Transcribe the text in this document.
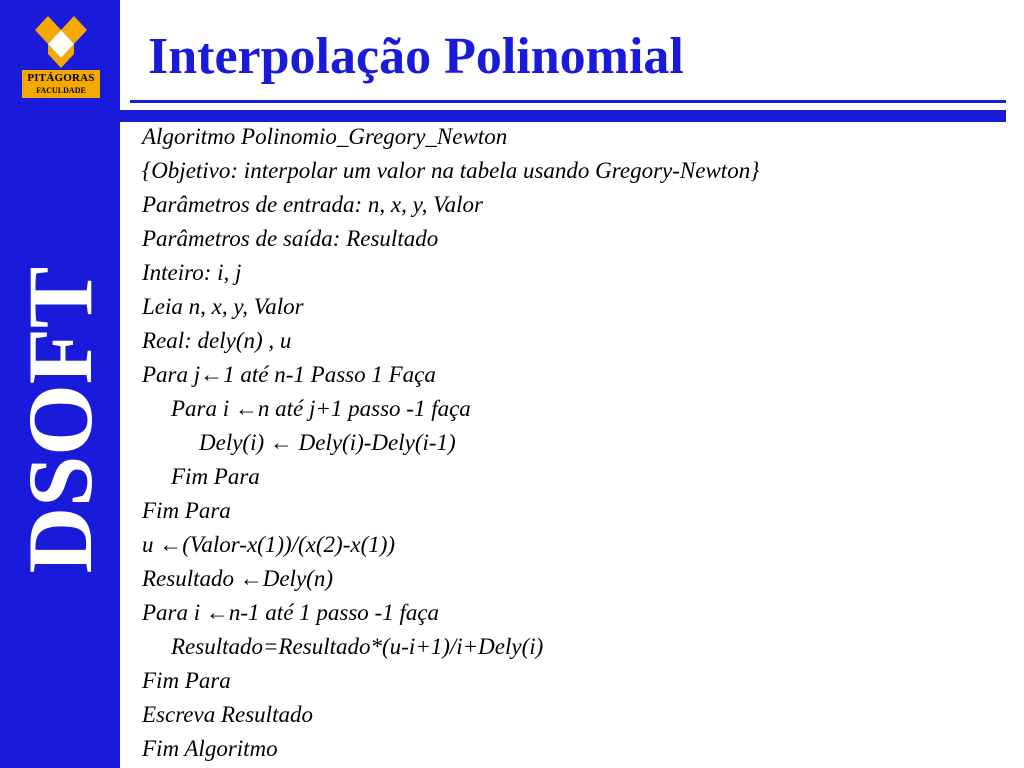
PITÁGORAS
FACULDADE
DSOFT
Interpolação Polinomial
Algoritmo Polinomio_Gregory_Newton
{Objetivo: interpolar um valor na tabela usando Gregory-Newton}
Parâmetros de entrada: n, x, y, Valor
Parâmetros de saída: Resultado
Inteiro: i, j
Leia n, x, y, Valor
Real: dely(n) , u
Para j←1 até n-1 Passo 1 Faça
Para i ←n até j+1 passo -1 faça
Dely(i) ← Dely(i)-Dely(i-1)
Fim Para
Fim Para
u ←(Valor-x(1))/(x(2)-x(1))
Resultado ←Dely(n)
Para i ←n-1 até 1 passo -1 faça
Resultado=Resultado*(u-i+1)/i+Dely(i)
Fim Para
Escreva Resultado
Fim Algoritmo
